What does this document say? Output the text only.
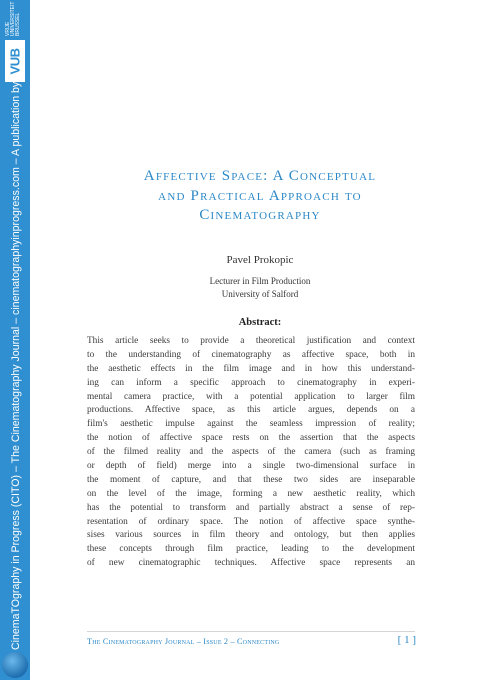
VRIJE
UNIVERSITEIT
BRUSSEL
VUB
CinemaTOgraphy in Progress (CITO) – The Cinematography Journal – cinematographyinprogress.com – A publication by	Affective Space: A Conceptual
and Practical Approach to
Cinematography
Pavel Prokopic
Lecturer in Film Production
University of Salford
Abstract:
This article seeks to provide a theoretical justification and context
to the understanding of cinematography as affective space, both in
the aesthetic effects in the film image and in how this understand-
ing can inform a specific approach to cinematography in experi-
mental camera practice, with a potential application to larger film
productions. Affective space, as this article argues, depends on a
film's aesthetic impulse against the seamless impression of reality;
the notion of affective space rests on the assertion that the aspects
of the filmed reality and the aspects of the camera (such as framing
or depth of field) merge into a single two-dimensional surface in
the moment of capture, and that these two sides are inseparable
on the level of the image, forming a new aesthetic reality, which
has the potential to transform and partially abstract a sense of rep-
resentation of ordinary space. The notion of affective space synthe-
sises various sources in film theory and ontology, but then applies
these concepts through film practice, leading to the development
of new cinematographic techniques. Affective space represents an
The Cinematography Journal – Issue 2 – Connecting	[ 1 ]
